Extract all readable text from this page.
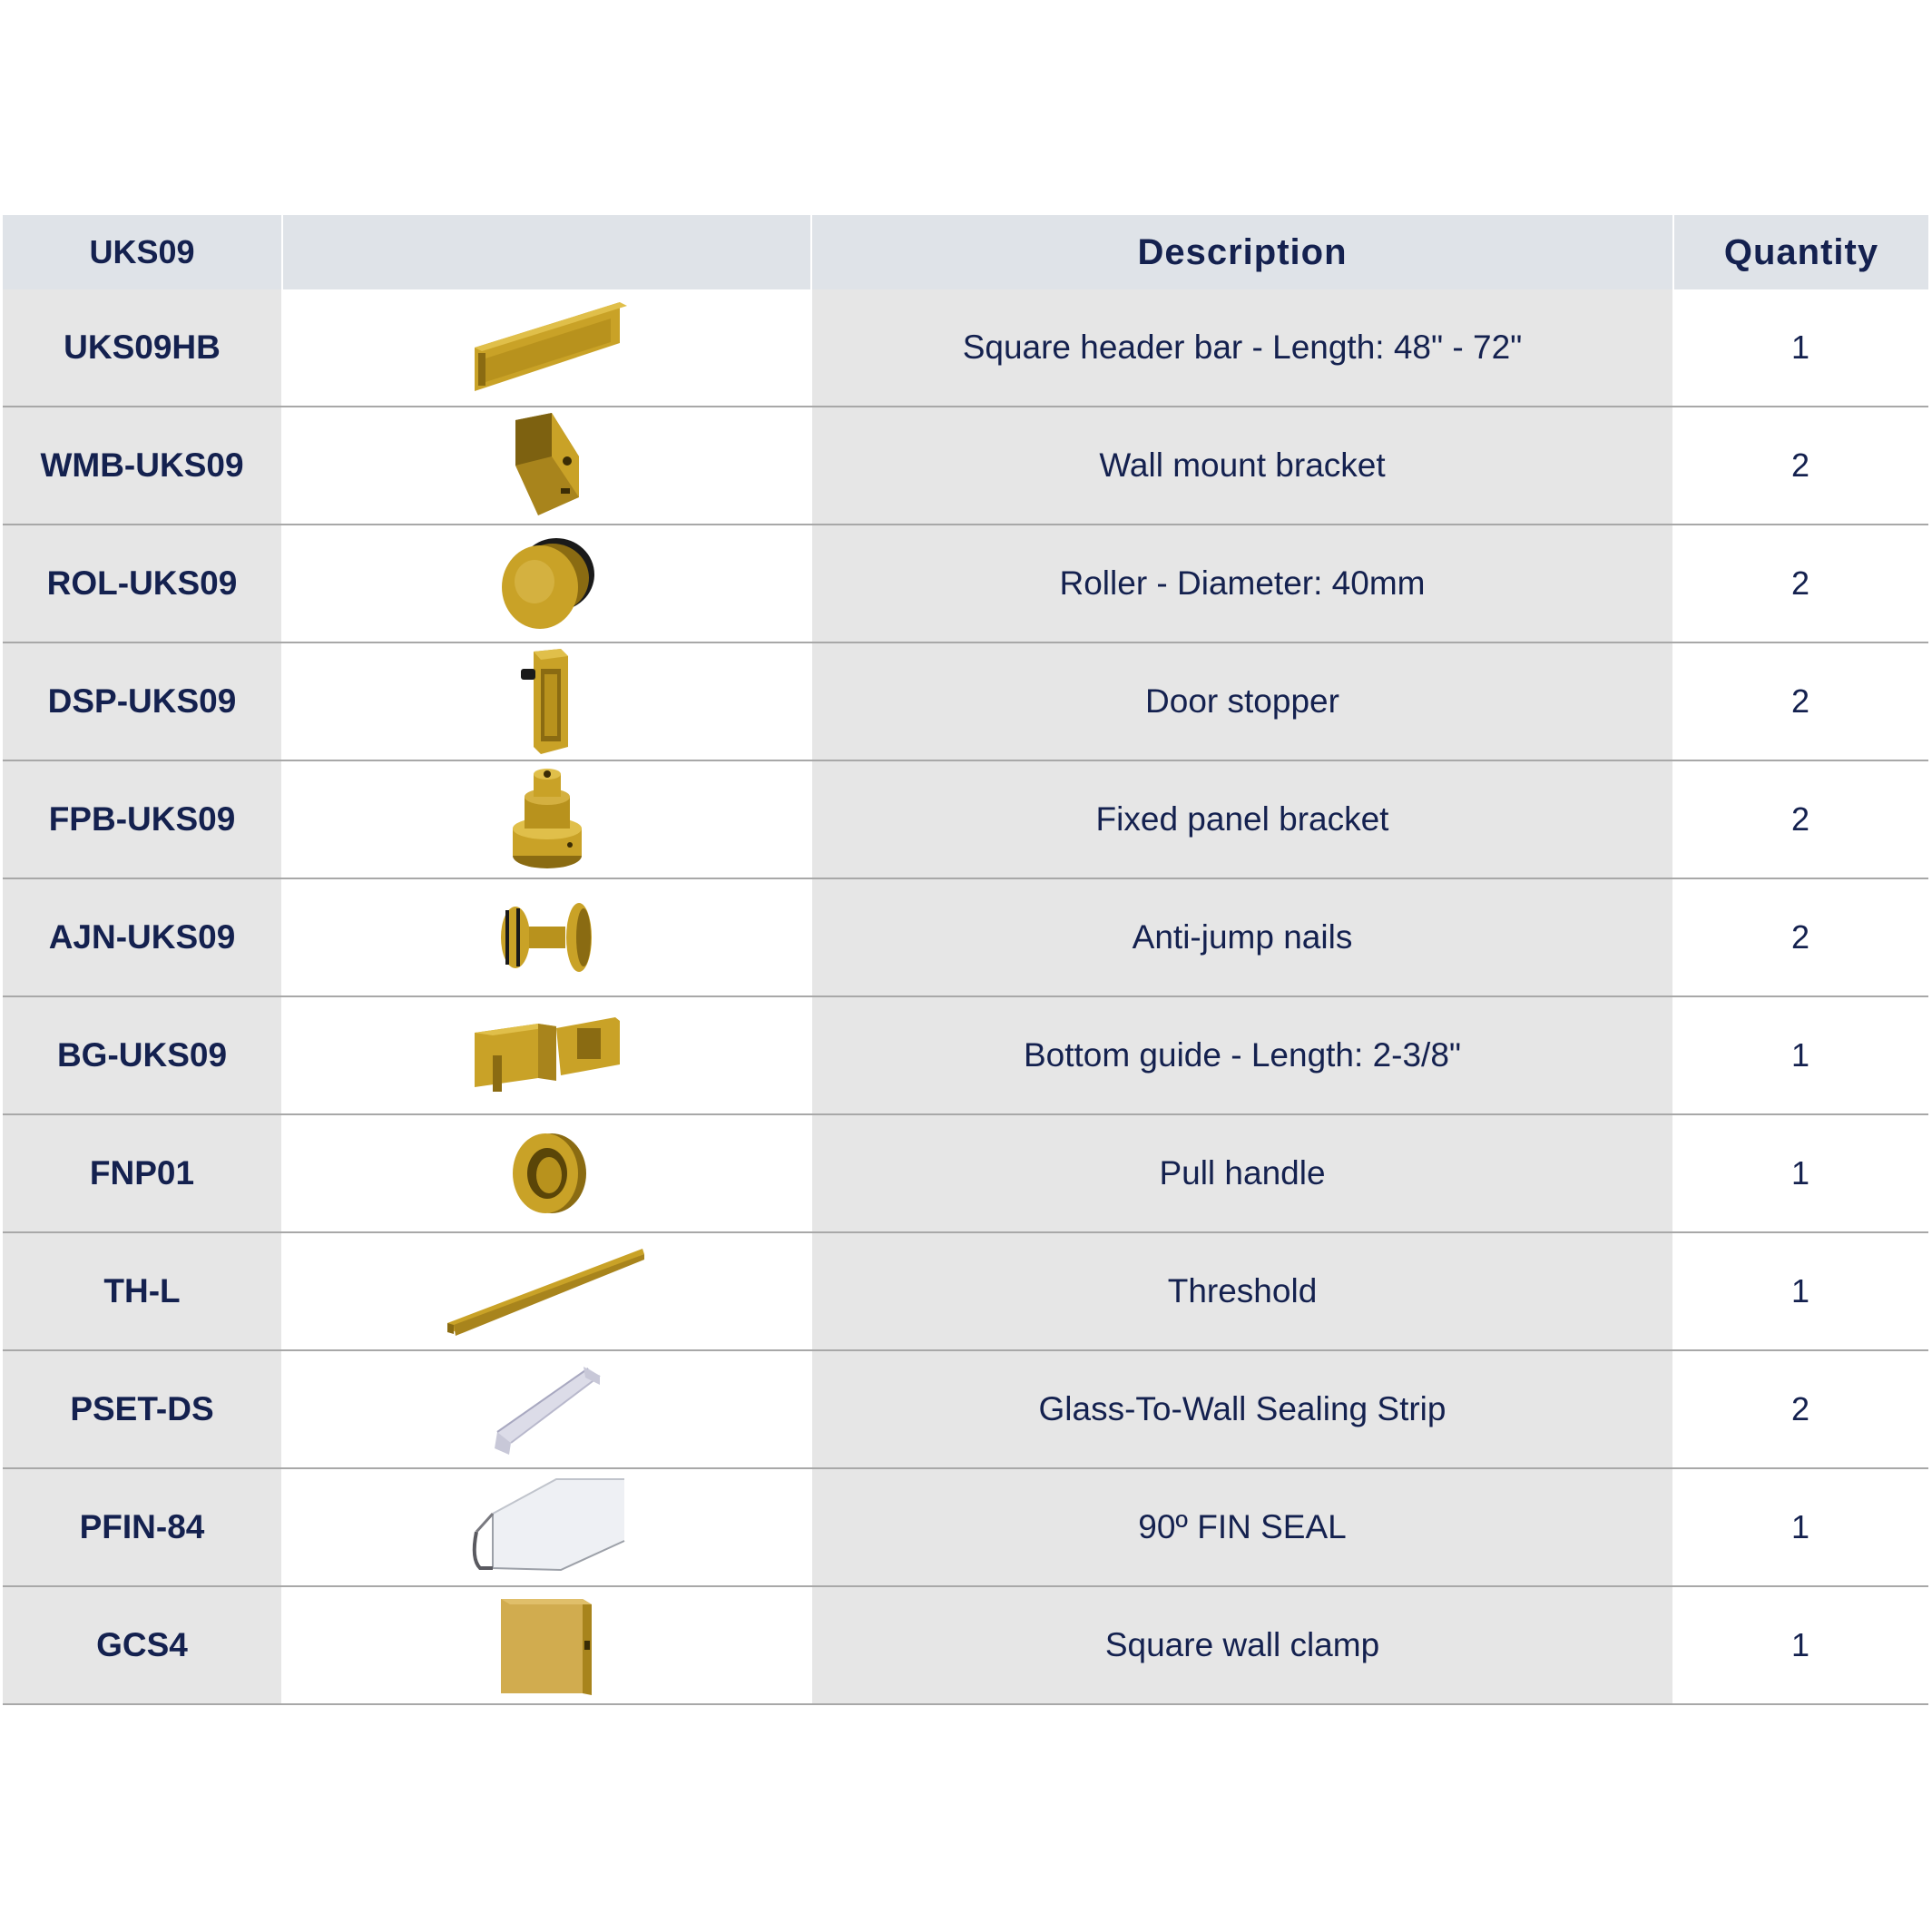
UKS09	Description	Quantity
UKS09HB	Square header bar - Length: 48" - 72"	1
WMB-UKS09	Wall mount bracket	2
ROL-UKS09	Roller - Diameter: 40mm	2
DSP-UKS09	Door stopper	2
FPB-UKS09	Fixed panel bracket	2
AJN-UKS09	Anti-jump nails	2
BG-UKS09	Bottom guide - Length: 2-3/8"	1
FNP01	Pull handle	1
TH-L	Threshold	1
PSET-DS	Glass-To-Wall Sealing Strip	2
PFIN-84	90º FIN SEAL	1
GCS4	Square wall clamp	1
